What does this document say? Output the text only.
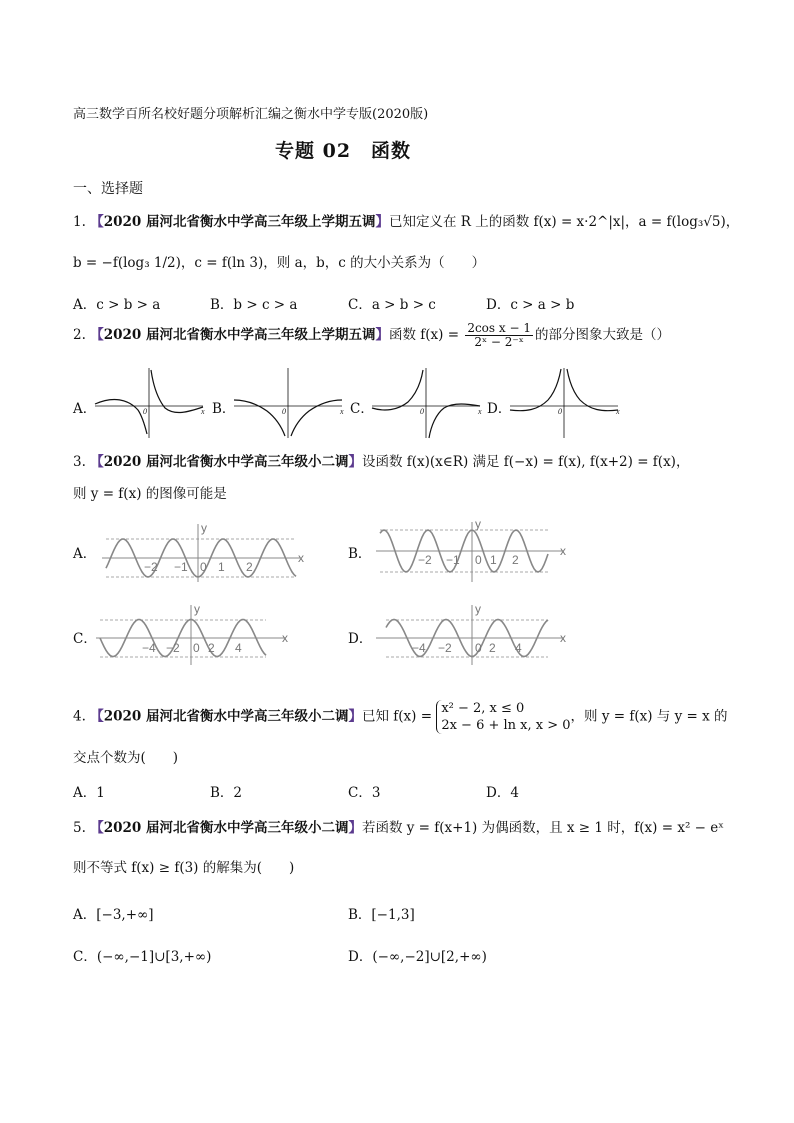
高三数学百所名校好题分项解析汇编之衡水中学专版(2020版)
专题 02　函数
一、选择题
1. 【2020 届河北省衡水中学高三年级上学期五调】已知定义在 R 上的函数 f(x) = x·2^|x|，a = f(log₃√5)，
b = −f(log₃ 1/2)，c = f(ln 3)，则 a，b，c 的大小关系为（　　）
A．c > b > a	B．b > c > a	C．a > b > c	D．c > a > b
2. 【2020 届河北省衡水中学高三年级上学期五调】函数 $f(x) = \frac{\text{2cos x − 1}}{\text{2ˣ − 2⁻ˣ}}$ 的部分图象大致是（）
A．	B．	C．	D．
0	x	0	x	0	x	0	x
3. 【2020 届河北省衡水中学高三年级小二调】设函数 f(x)(x∈R) 满足 f(−x) = f(x), f(x+2) = f(x)，
则 y = f(x) 的图像可能是
A．	B．
C．	D．
−2 −1 0 1 2
y
x	−2 −1 0 1 2
y
x
−4 −2 0 2 4
y
x
−4 −2 0 2 4
y
x
4. 【2020 届河北省衡水中学高三年级小二调】已知 f(x) = x² − 2, x ≤ 0
2x − 6 + ln x, x > 0
，则 y = f(x) 与 y = x 的
交点个数为(　　)
A．1	B．2	C．3	D．4
5. 【2020 届河北省衡水中学高三年级小二调】若函数 y = f(x+1) 为偶函数，且 x ≥ 1 时，f(x) = x² − eˣ
则不等式 f(x) ≥ f(3) 的解集为(　　)
A．[−3,+∞]	B．[−1,3]
C．(−∞,−1]∪[3,+∞)	D．(−∞,−2]∪[2,+∞)
